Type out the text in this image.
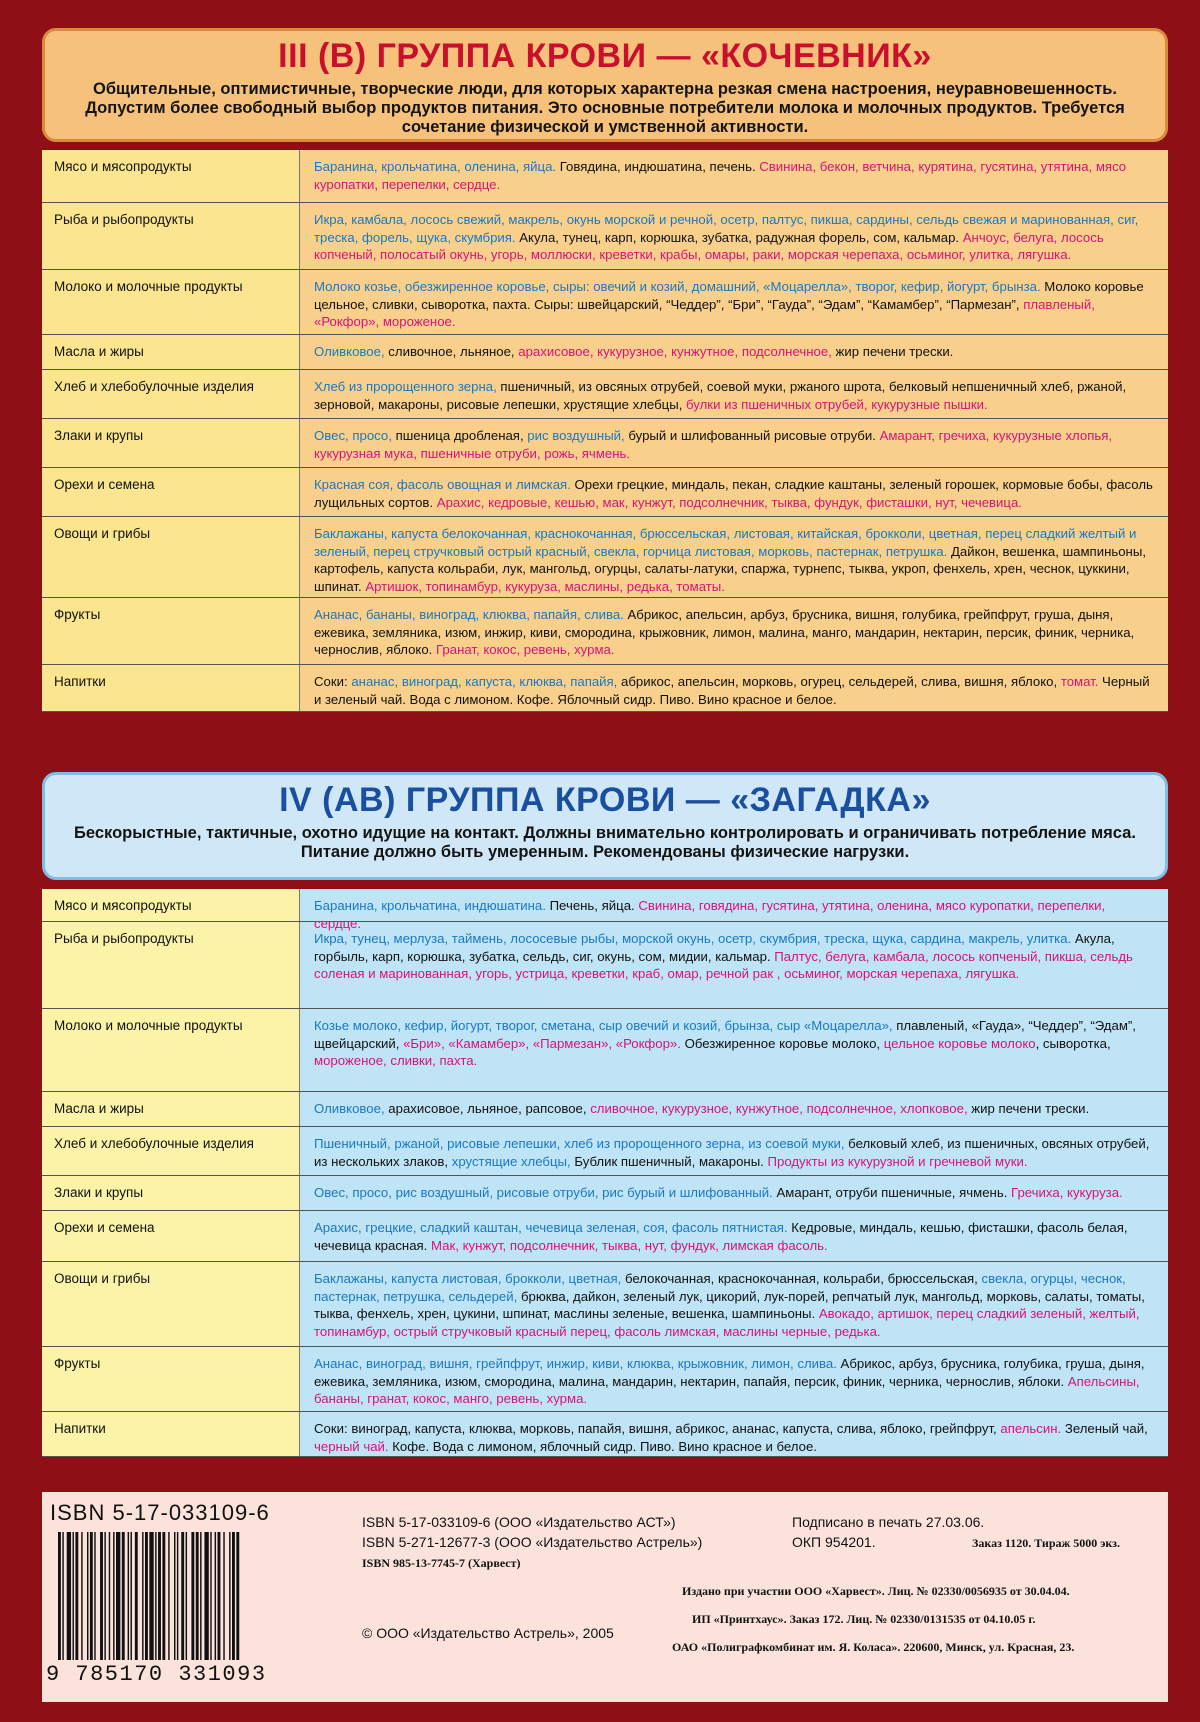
III (B) ГРУППА КРОВИ — «КОЧЕВНИК»

Общительные, оптимистичные, творческие люди, для которых характерна резкая смена настроения, неуравновешенность. Допустим более свободный выбор продуктов питания. Это основные потребители молока и молочных продуктов. Требуется сочетание физической и умственной активности.

Мясо и мясопродукты	Баранина, крольчатина, оленина, яйца. Говядина, индюшатина, печень. Свинина, бекон, ветчина, курятина, гусятина, утятина, мясо куропатки, перепелки, сердце.
Рыба и рыбопродукты	Икра, камбала, лосось свежий, макрель, окунь морской и речной, осетр, палтус, пикша, сардины, сельдь свежая и маринованная, сиг, треска, форель, щука, скумбрия. Акула, тунец, карп, корюшка, зубатка, радужная форель, сом, кальмар. Анчоус, белуга, лосось копченый, полосатый окунь, угорь, моллюски, креветки, крабы, омары, раки, морская черепаха, осьминог, улитка, лягушка.
Молоко и молочные продукты	Молоко козье, обезжиренное коровье, сыры: овечий и козий, домашний, «Моцарелла», творог, кефир, йогурт, брынза. Молоко коровье цельное, сливки, сыворотка, пахта. Сыры: швейцарский, “Чеддер”, “Бри”, “Гауда”, “Эдам”, “Камамбер”, “Пармезан”, плавленый, «Рокфор», мороженое.
Масла и жиры	Оливковое, сливочное, льняное, арахисовое, кукурузное, кунжутное, подсолнечное, жир печени трески.
Хлеб и хлебобулочные изделия	Хлеб из пророщенного зерна, пшеничный, из овсяных отрубей, соевой муки, ржаного шрота, белковый непшеничный хлеб, ржаной, зерновой, макароны, рисовые лепешки, хрустящие хлебцы, булки из пшеничных отрубей, кукурузные пышки.
Злаки и крупы	Овес, просо, пшеница дробленая, рис воздушный, бурый и шлифованный рисовые отруби. Амарант, гречиха, кукурузные хлопья, кукурузная мука, пшеничные отруби, рожь, ячмень.
Орехи и семена	Красная соя, фасоль овощная и лимская. Орехи грецкие, миндаль, пекан, сладкие каштаны, зеленый горошек, кормовые бобы, фасоль лущильных сортов. Арахис, кедровые, кешью, мак, кунжут, подсолнечник, тыква, фундук, фисташки, нут, чечевица.
Овощи и грибы	Баклажаны, капуста белокочанная, краснокочанная, брюссельская, листовая, китайская, брокколи, цветная, перец сладкий желтый и зеленый, перец стручковый острый красный, свекла, горчица листовая, морковь, пастернак, петрушка. Дайкон, вешенка, шампиньоны, картофель, капуста кольраби, лук, мангольд, огурцы, салаты-латуки, спаржа, турнепс, тыква, укроп, фенхель, хрен, чеснок, цуккини, шпинат. Артишок, топинамбур, кукуруза, маслины, редька, томаты.
Фрукты	Ананас, бананы, виноград, клюква, папайя, слива. Абрикос, апельсин, арбуз, брусника, вишня, голубика, грейпфрут, груша, дыня, ежевика, земляника, изюм, инжир, киви, смородина, крыжовник, лимон, малина, манго, мандарин, нектарин, персик, финик, черника, чернослив, яблоко. Гранат, кокос, ревень, хурма.
Напитки	Соки: ананас, виноград, капуста, клюква, папайя, абрикос, апельсин, морковь, огурец, сельдерей, слива, вишня, яблоко, томат. Черный и зеленый чай. Вода с лимоном. Кофе. Яблочный сидр. Пиво. Вино красное и белое.
IV (AB) ГРУППА КРОВИ — «ЗАГАДКА»

Бескорыстные, тактичные, охотно идущие на контакт. Должны внимательно контролировать и ограничивать потребление мяса. Питание должно быть умеренным. Рекомендованы физические нагрузки.

Мясо и мясопродукты	Баранина, крольчатина, индюшатина. Печень, яйца. Свинина, говядина, гусятина, утятина, оленина, мясо куропатки, перепелки, сердце.
Рыба и рыбопродукты	Икра, тунец, мерлуза, таймень, лососевые рыбы, морской окунь, осетр, скумбрия, треска, щука, сардина, макрель, улитка. Акула, горбыль, карп, корюшка, зубатка, сельдь, сиг, окунь, сом, мидии, кальмар. Палтус, белуга, камбала, лосось копченый, пикша, сельдь соленая и маринованная, угорь, устрица, креветки, краб, омар, речной рак , осьминог, морская черепаха, лягушка.
Молоко и молочные продукты	Козье молоко, кефир, йогурт, творог, сметана, сыр овечий и козий, брынза, сыр «Моцарелла», плавленый, «Гауда», “Чеддер”, “Эдам”, щвейцарский, «Бри», «Камамбер», «Пармезан», «Рокфор». Обезжиренное коровье молоко, цельное коровье молоко, сыворотка, мороженое, сливки, пахта.
Масла и жиры	Оливковое, арахисовое, льняное, рапсовое, сливочное, кукурузное, кунжутное, подсолнечное, хлопковое, жир печени трески.
Хлеб и хлебобулочные изделия	Пшеничный, ржаной, рисовые лепешки, хлеб из пророщенного зерна, из соевой муки, белковый хлеб, из пшеничных, овсяных отрубей, из нескольких злаков, хрустящие хлебцы, Бублик пшеничный, макароны. Продукты из кукурузной и гречневой муки.
Злаки и крупы	Овес, просо, рис воздушный, рисовые отруби, рис бурый и шлифованный. Амарант, отруби пшеничные, ячмень. Гречиха, кукуруза.
Орехи и семена	Арахис, грецкие, сладкий каштан, чечевица зеленая, соя, фасоль пятнистая. Кедровые, миндаль, кешью, фисташки, фасоль белая, чечевица красная. Мак, кунжут, подсолнечник, тыква, нут, фундук, лимская фасоль.
Овощи и грибы	Баклажаны, капуста листовая, брокколи, цветная, белокочанная, краснокочанная, кольраби, брюссельская, свекла, огурцы, чеснок, пастернак, петрушка, сельдерей, брюква, дайкон, зеленый лук, цикорий, лук-порей, репчатый лук, мангольд, морковь, салаты, томаты, тыква, фенхель, хрен, цукини, шпинат, маслины зеленые, вешенка, шампиньоны. Авокадо, артишок, перец сладкий зеленый, желтый, топинамбур, острый стручковый красный перец, фасоль лимская, маслины черные, редька.
Фрукты	Ананас, виноград, вишня, грейпфрут, инжир, киви, клюква, крыжовник, лимон, слива. Абрикос, арбуз, брусника, голубика, груша, дыня, ежевика, земляника, изюм, смородина, малина, мандарин, нектарин, папайя, персик, финик, черника, чернослив, яблоки. Апельсины, бананы, гранат, кокос, манго, ревень, хурма.
Напитки	Соки: виноград, капуста, клюква, морковь, папайя, вишня, абрикос, ананас, капуста, слива, яблоко, грейпфрут, апельсин. Зеленый чай, черный чай. Кофе. Вода с лимоном, яблочный сидр. Пиво. Вино красное и белое.
ISBN 5-17-033109-6
9 785170 331093
ISBN 5-17-033109-6 (ООО «Издательство АСТ»)
ISBN 5-271-12677-3 (ООО «Издательство Астрель»)
ISBN 985-13-7745-7 (Харвест)
Подписано в печать 27.03.06.
ОКП 954201.	Заказ 1120. Тираж 5000 экз.
Издано при участии ООО «Харвест». Лиц. № 02330/0056935 от 30.04.04.
ИП «Принтхаус». Заказ 172. Лиц. № 02330/0131535 от 04.10.05 г.
ОАО «Полиграфкомбинат им. Я. Коласа». 220600, Минск, ул. Красная, 23.
© ООО «Издательство Астрель», 2005
